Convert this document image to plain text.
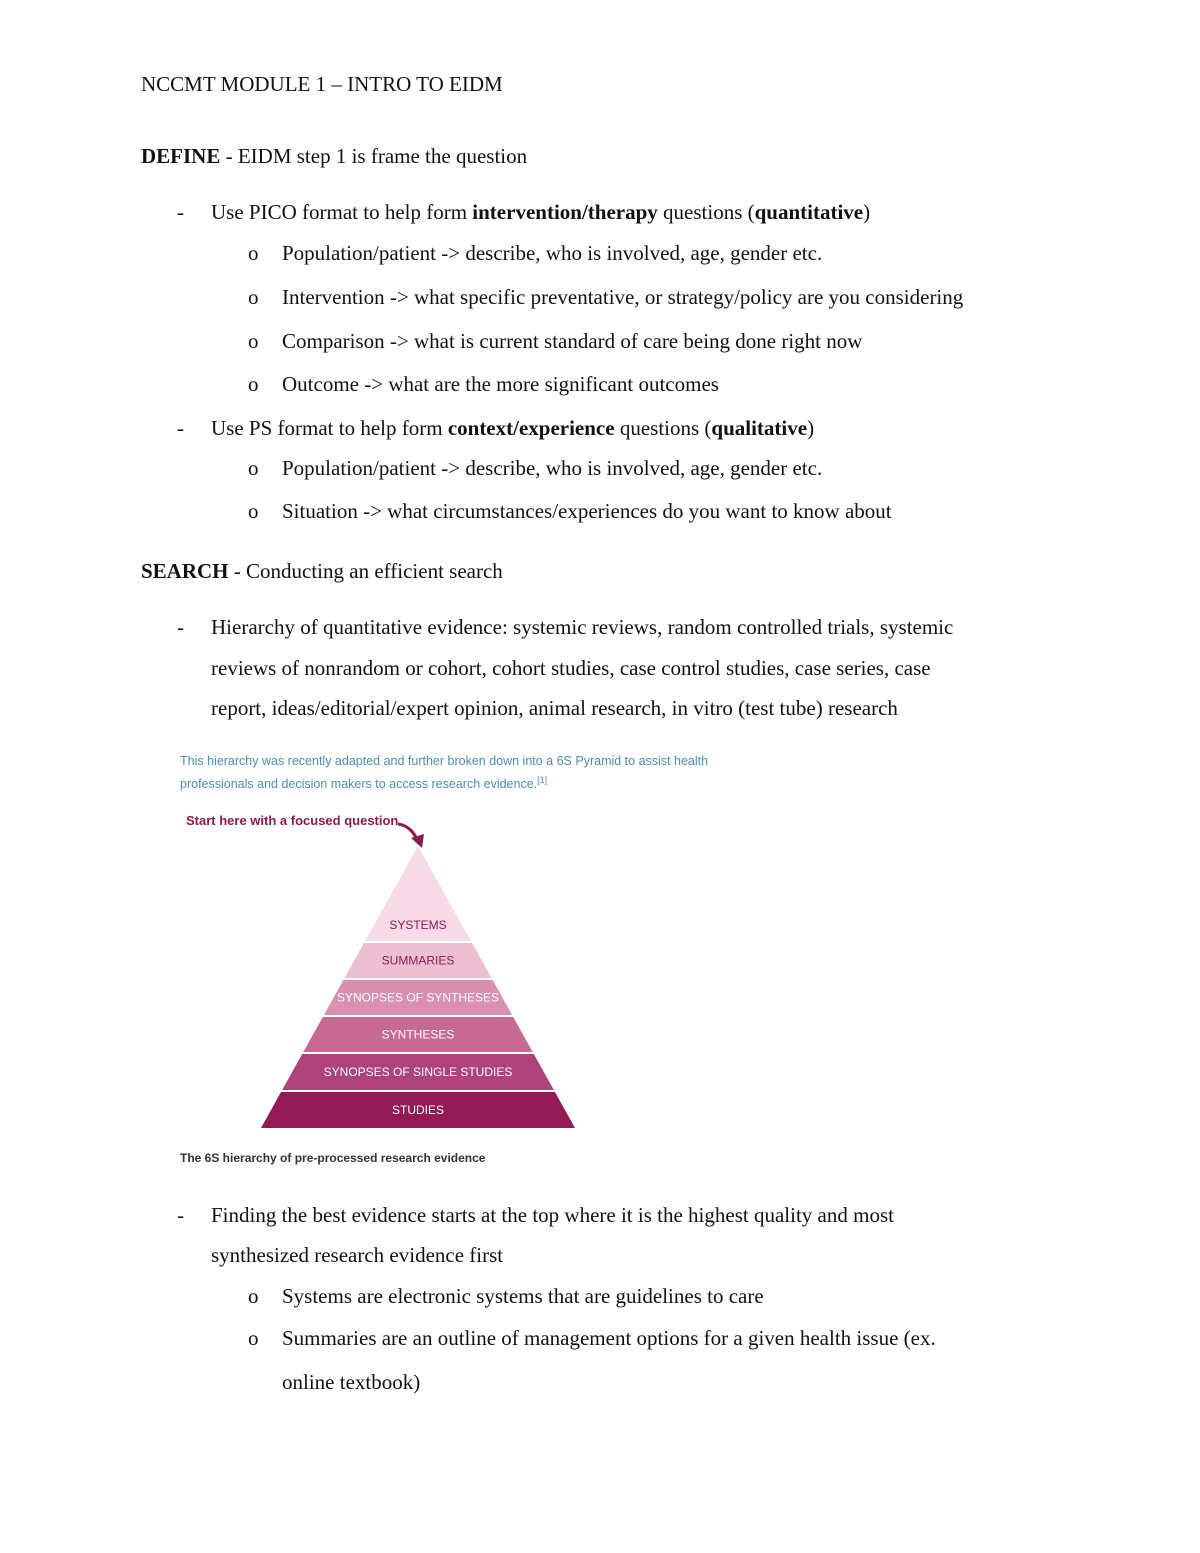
NCCMT MODULE 1 – INTRO TO EIDM
DEFINE - EIDM step 1 is frame the question
- Use PICO format to help form intervention/therapy questions (quantitative)
o Population/patient -> describe, who is involved, age, gender etc.
o Intervention -> what specific preventative, or strategy/policy are you considering
o Comparison -> what is current standard of care being done right now
o Outcome -> what are the more significant outcomes
- Use PS format to help form context/experience questions (qualitative)
o Population/patient -> describe, who is involved, age, gender etc.
o Situation -> what circumstances/experiences do you want to know about
SEARCH - Conducting an efficient search
- Hierarchy of quantitative evidence: systemic reviews, random controlled trials, systemic
reviews of nonrandom or cohort, cohort studies, case control studies, case series, case
report, ideas/editorial/expert opinion, animal research, in vitro (test tube) research
This hierarchy was recently adapted and further broken down into a 6S Pyramid to assist health
professionals and decision makers to access research evidence.[1]
Start here with a focused question
SYSTEMS
SUMMARIES
SYNOPSES OF SYNTHESES
SYNTHESES
SYNOPSES OF SINGLE STUDIES
STUDIES
The 6S hierarchy of pre-processed research evidence
- Finding the best evidence starts at the top where it is the highest quality and most
synthesized research evidence first
o Systems are electronic systems that are guidelines to care
o Summaries are an outline of management options for a given health issue (ex.
online textbook)
